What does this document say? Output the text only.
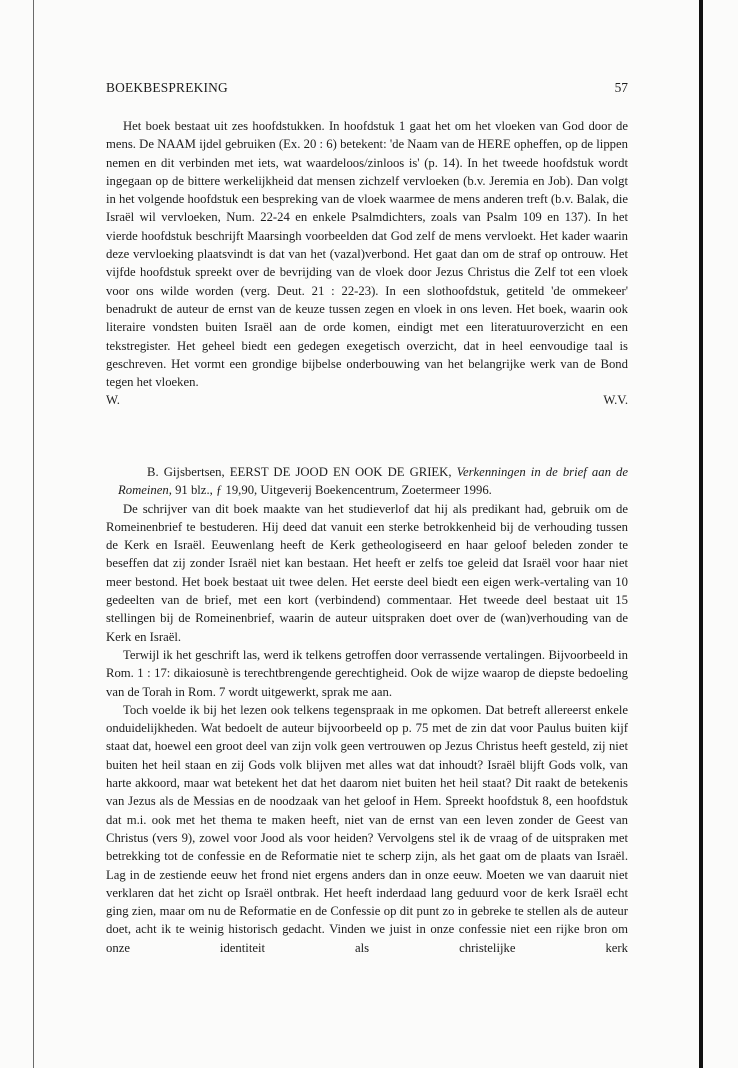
BOEKBESPREKING	57

Het boek bestaat uit zes hoofdstukken. In hoofdstuk 1 gaat het om het vloeken van God door de mens. De NAAM ijdel gebruiken (Ex. 20 : 6) betekent: 'de Naam van de HERE opheffen, op de lippen nemen en dit verbinden met iets, wat waardeloos/zinloos is' (p. 14). In het tweede hoofdstuk wordt ingegaan op de bittere werkelijkheid dat mensen zichzelf vervloeken (b.v. Jeremia en Job). Dan volgt in het volgende hoofdstuk een bespreking van de vloek waarmee de mens anderen treft (b.v. Balak, die Israël wil vervloeken, Num. 22-24 en enkele Psalmdichters, zoals van Psalm 109 en 137). In het vierde hoofdstuk beschrijft Maarsingh voorbeelden dat God zelf de mens vervloekt. Het kader waarin deze vervloeking plaatsvindt is dat van het (vazal)verbond. Het gaat dan om de straf op ontrouw. Het vijfde hoofdstuk spreekt over de bevrijding van de vloek door Jezus Christus die Zelf tot een vloek voor ons wilde worden (verg. Deut. 21 : 22-23). In een slothoofdstuk, getiteld 'de ommekeer' benadrukt de auteur de ernst van de keuze tussen zegen en vloek in ons leven. Het boek, waarin ook literaire vondsten buiten Israël aan de orde komen, eindigt met een literatuuroverzicht en een tekstregister. Het geheel biedt een gedegen exegetisch overzicht, dat in heel eenvoudige taal is geschreven. Het vormt een grondige bijbelse onderbouwing van het belangrijke werk van de Bond tegen het vloeken.

W.	W.V.

B. Gijsbertsen, EERST DE JOOD EN OOK DE GRIEK, Verkenningen in de brief aan de Romeinen, 91 blz., ƒ 19,90, Uitgeverij Boekencentrum, Zoetermeer 1996.

De schrijver van dit boek maakte van het studieverlof dat hij als predikant had, gebruik om de Romeinenbrief te bestuderen. Hij deed dat vanuit een sterke betrokkenheid bij de verhouding tussen de Kerk en Israël. Eeuwenlang heeft de Kerk getheologiseerd en haar geloof beleden zonder te beseffen dat zij zonder Israël niet kan bestaan. Het heeft er zelfs toe geleid dat Israël voor haar niet meer bestond. Het boek bestaat uit twee delen. Het eerste deel biedt een eigen werk-vertaling van 10 gedeelten van de brief, met een kort (verbindend) commentaar. Het tweede deel bestaat uit 15 stellingen bij de Romeinenbrief, waarin de auteur uitspraken doet over de (wan)verhouding van de Kerk en Israël.

Terwijl ik het geschrift las, werd ik telkens getroffen door verrassende vertalingen. Bijvoorbeeld in Rom. 1 : 17: dikaiosunè is terechtbrengende gerechtigheid. Ook de wijze waarop de diepste bedoeling van de Torah in Rom. 7 wordt uitgewerkt, sprak me aan.

Toch voelde ik bij het lezen ook telkens tegenspraak in me opkomen. Dat betreft allereerst enkele onduidelijkheden. Wat bedoelt de auteur bijvoorbeeld op p. 75 met de zin dat voor Paulus buiten kijf staat dat, hoewel een groot deel van zijn volk geen vertrouwen op Jezus Christus heeft gesteld, zij niet buiten het heil staan en zij Gods volk blijven met alles wat dat inhoudt? Israël blijft Gods volk, van harte akkoord, maar wat betekent het dat het daarom niet buiten het heil staat? Dit raakt de betekenis van Jezus als de Messias en de noodzaak van het geloof in Hem. Spreekt hoofdstuk 8, een hoofdstuk dat m.i. ook met het thema te maken heeft, niet van de ernst van een leven zonder de Geest van Christus (vers 9), zowel voor Jood als voor heiden? Vervolgens stel ik de vraag of de uitspraken met betrekking tot de confessie en de Reformatie niet te scherp zijn, als het gaat om de plaats van Israël. Lag in de zestiende eeuw het frond niet ergens anders dan in onze eeuw. Moeten we van daaruit niet verklaren dat het zicht op Israël ontbrak. Het heeft inderdaad lang geduurd voor de kerk Israël echt ging zien, maar om nu de Reformatie en de Confessie op dit punt zo in gebreke te stellen als de auteur doet, acht ik te weinig historisch gedacht. Vinden we juist in onze confessie niet een rijke bron om onze identiteit als christelijke kerk
